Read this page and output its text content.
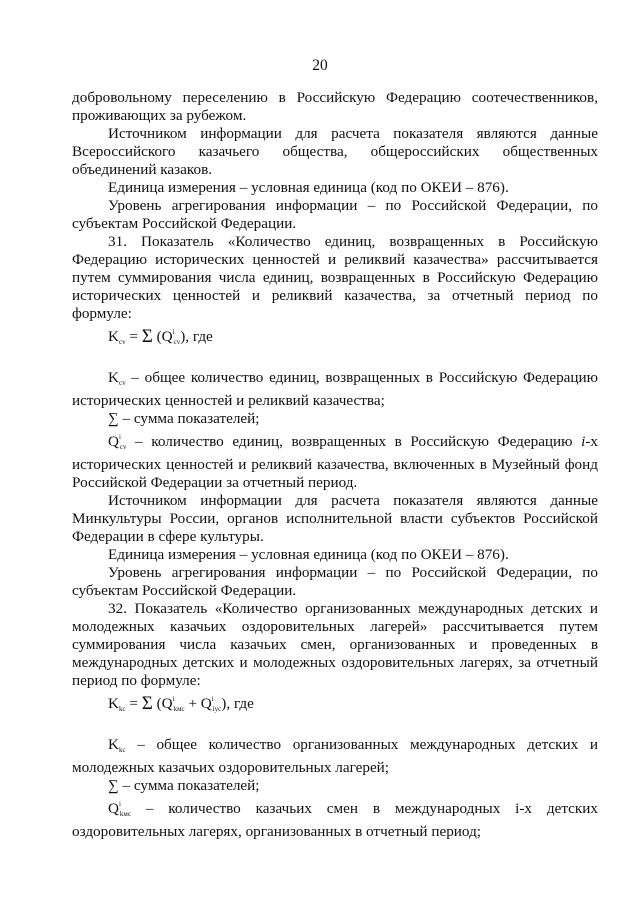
20

добровольному переселению в Российскую Федерацию соотечественников, проживающих за рубежом.

Источником информации для расчета показателя являются данные Всероссийского казачьего общества, общероссийских общественных объединений казаков.

Единица измерения – условная единица (код по ОКЕИ – 876).

Уровень агрегирования информации – по Российской Федерации, по субъектам Российской Федерации.

31. Показатель «Количество единиц, возвращенных в Российскую Федерацию исторических ценностей и реликвий казачества» рассчитывается путем суммирования числа единиц, возвращенных в Российскую Федерацию исторических ценностей и реликвий казачества, за отчетный период по формуле:

$K_{cv} = \Sigma$ $(Q^i_{cv})$, где

$K_{cv}$ – общее количество единиц, возвращенных в Российскую Федерацию исторических ценностей и реликвий казачества;

∑ – сумма показателей;

$Q^i_{cv}$ – количество единиц, возвращенных в Российскую Федерацию i-х исторических ценностей и реликвий казачества, включенных в Музейный фонд Российской Федерации за отчетный период.

Источником информации для расчета показателя являются данные Минкультуры России, органов исполнительной власти субъектов Российской Федерации в сфере культуры.

Единица измерения – условная единица (код по ОКЕИ – 876).

Уровень агрегирования информации – по Российской Федерации, по субъектам Российской Федерации.

32. Показатель «Количество организованных международных детских и молодежных казачьих оздоровительных лагерей» рассчитывается путем суммирования числа казачьих смен, организованных и проведенных в международных детских и молодежных оздоровительных лагерях, за отчетный период по формуле:

$K_{kc} = \Sigma$ $(Q^i_{kмс} + Q^i_{iус})$, где

$K_{kc}$ – общее количество организованных международных детских и молодежных казачьих оздоровительных лагерей;

∑ – сумма показателей;

$Q^i_{kмс}$ – количество казачьих смен в международных i-х детских оздоровительных лагерях, организованных в отчетный период;
